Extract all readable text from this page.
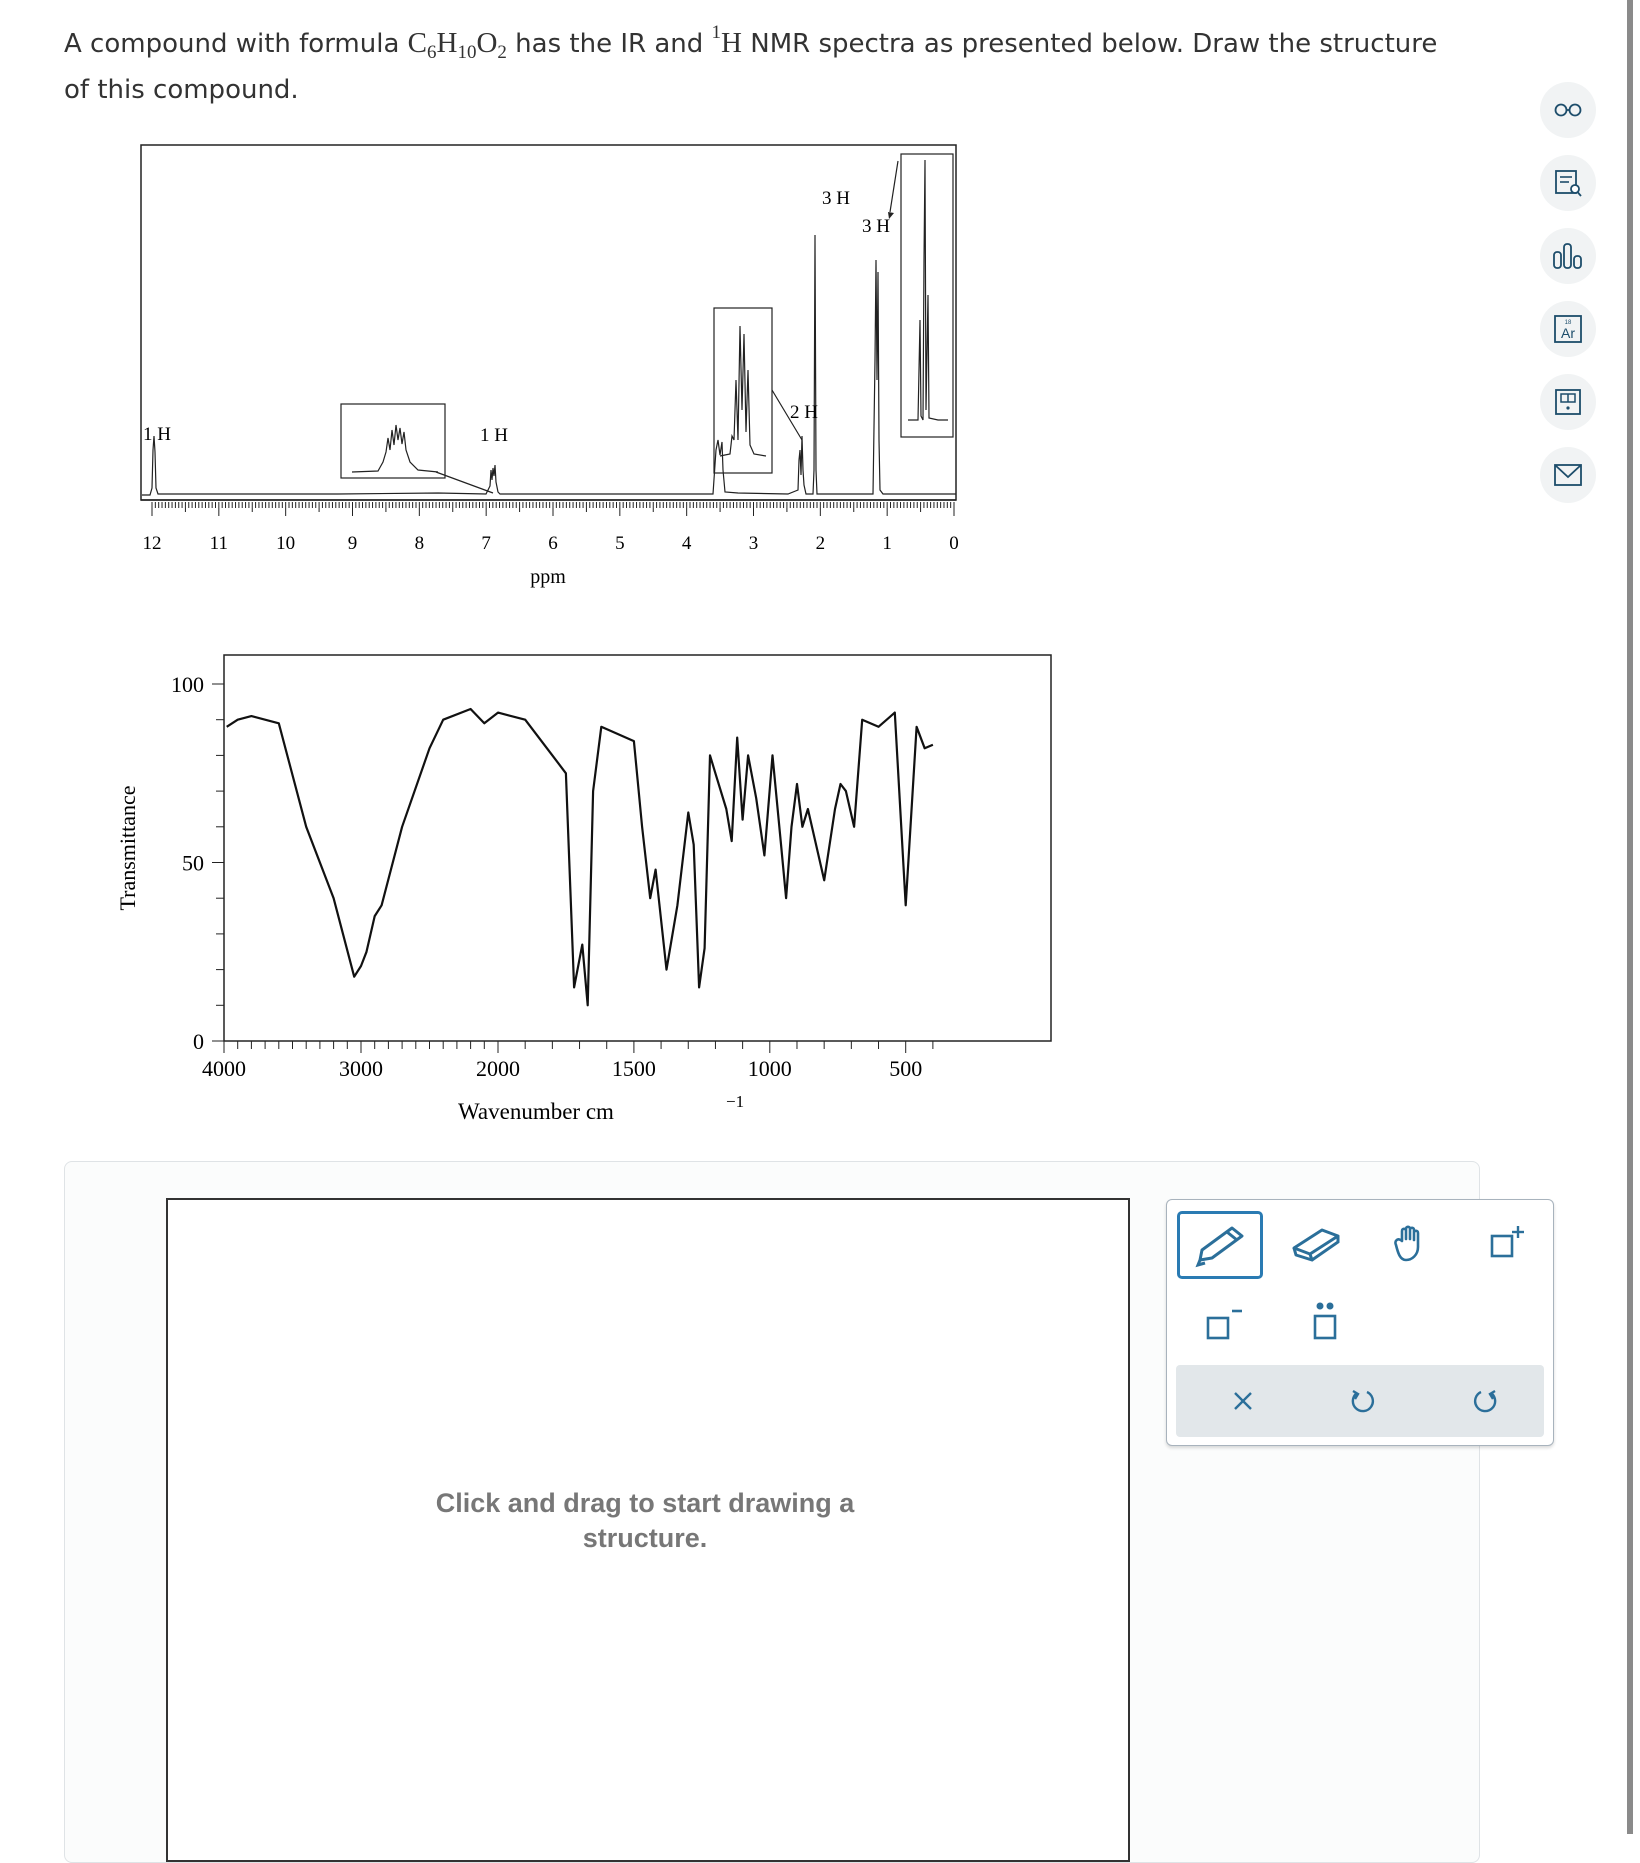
A compound with formula $C_6H_{10}O_2$ has the IR and $^1$H NMR spectra as presented below. Draw the structure of this compound.
12	11	10	9	8	7	6	5	4	3	2	1	0
ppm
1 H	1 H
2 H
3 H
3 H
4000	3000	2000	1500	1000	500
100
50
0
Transmittance
Wavenumber cm	−1
18
Ar
Click and drag to start drawing a structure.
